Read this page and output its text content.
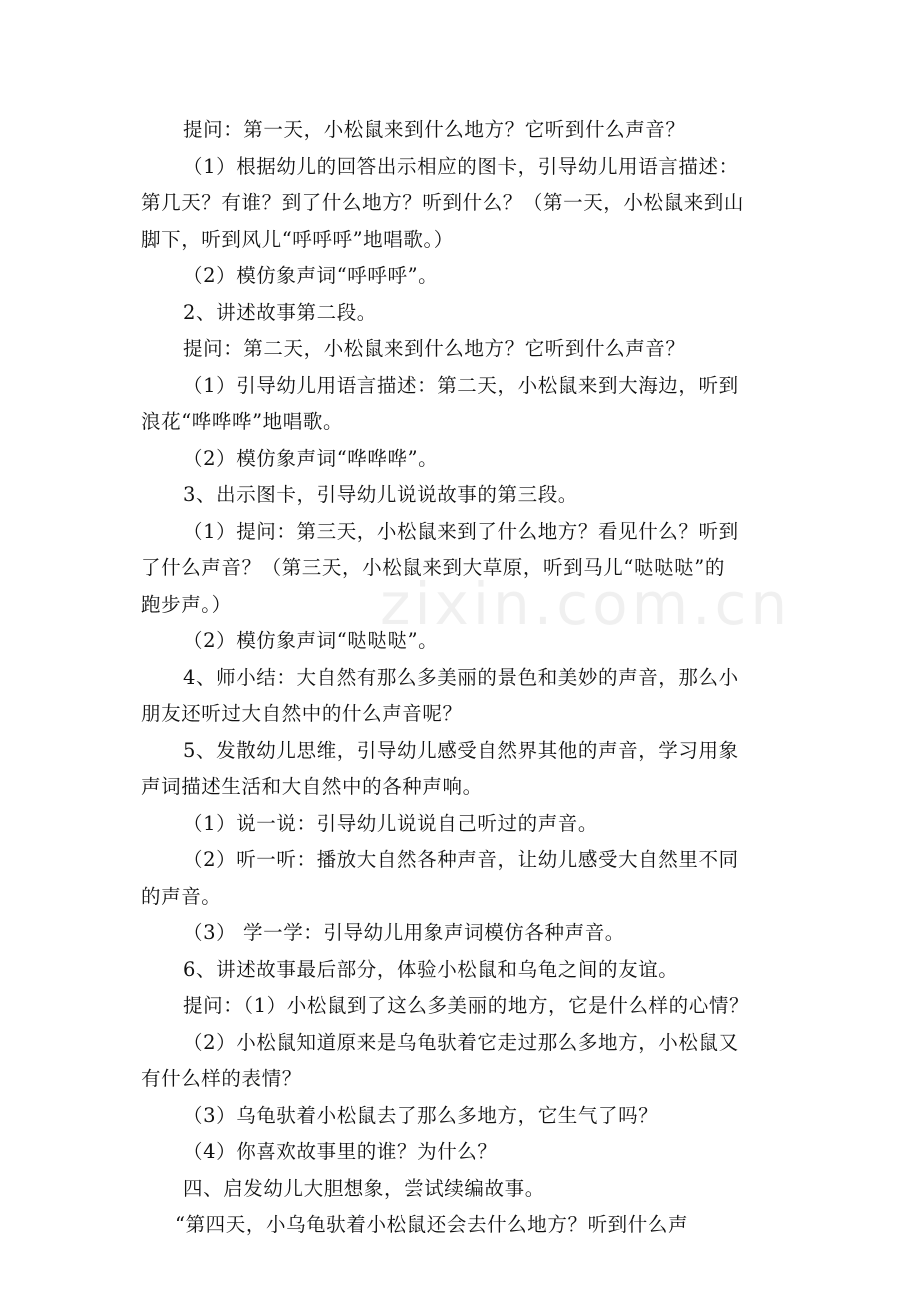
zixin.com.cn
提问：第一天，小松鼠来到什么地方？它听到什么声音？
（1）根据幼儿的回答出示相应的图卡，引导幼儿用语言描述：
第几天？有谁？到了什么地方？听到什么？（第一天，小松鼠来到山
脚下，听到风儿“呼呼呼”地唱歌。）
（2）模仿象声词“呼呼呼”。
2、讲述故事第二段。
提问：第二天，小松鼠来到什么地方？它听到什么声音？
（1）引导幼儿用语言描述：第二天，小松鼠来到大海边，听到
浪花“哗哗哗”地唱歌。
（2）模仿象声词“哗哗哗”。
3、出示图卡，引导幼儿说说故事的第三段。
（1）提问：第三天，小松鼠来到了什么地方？看见什么？听到
了什么声音？（第三天，小松鼠来到大草原，听到马儿“哒哒哒”的
跑步声。）
（2）模仿象声词“哒哒哒”。
4、师小结：大自然有那么多美丽的景色和美妙的声音，那么小
朋友还听过大自然中的什么声音呢？
5、发散幼儿思维，引导幼儿感受自然界其他的声音，学习用象
声词描述生活和大自然中的各种声响。
（1）说一说：引导幼儿说说自己听过的声音。
（2）听一听：播放大自然各种声音，让幼儿感受大自然里不同
的声音。
（3） 学一学：引导幼儿用象声词模仿各种声音。
6、讲述故事最后部分，体验小松鼠和乌龟之间的友谊。
提问：（1）小松鼠到了这么多美丽的地方，它是什么样的心情？
（2）小松鼠知道原来是乌龟驮着它走过那么多地方，小松鼠又
有什么样的表情？
（3）乌龟驮着小松鼠去了那么多地方，它生气了吗？
（4）你喜欢故事里的谁？为什么？
四、启发幼儿大胆想象，尝试续编故事。
“第四天，小乌龟驮着小松鼠还会去什么地方？听到什么声
